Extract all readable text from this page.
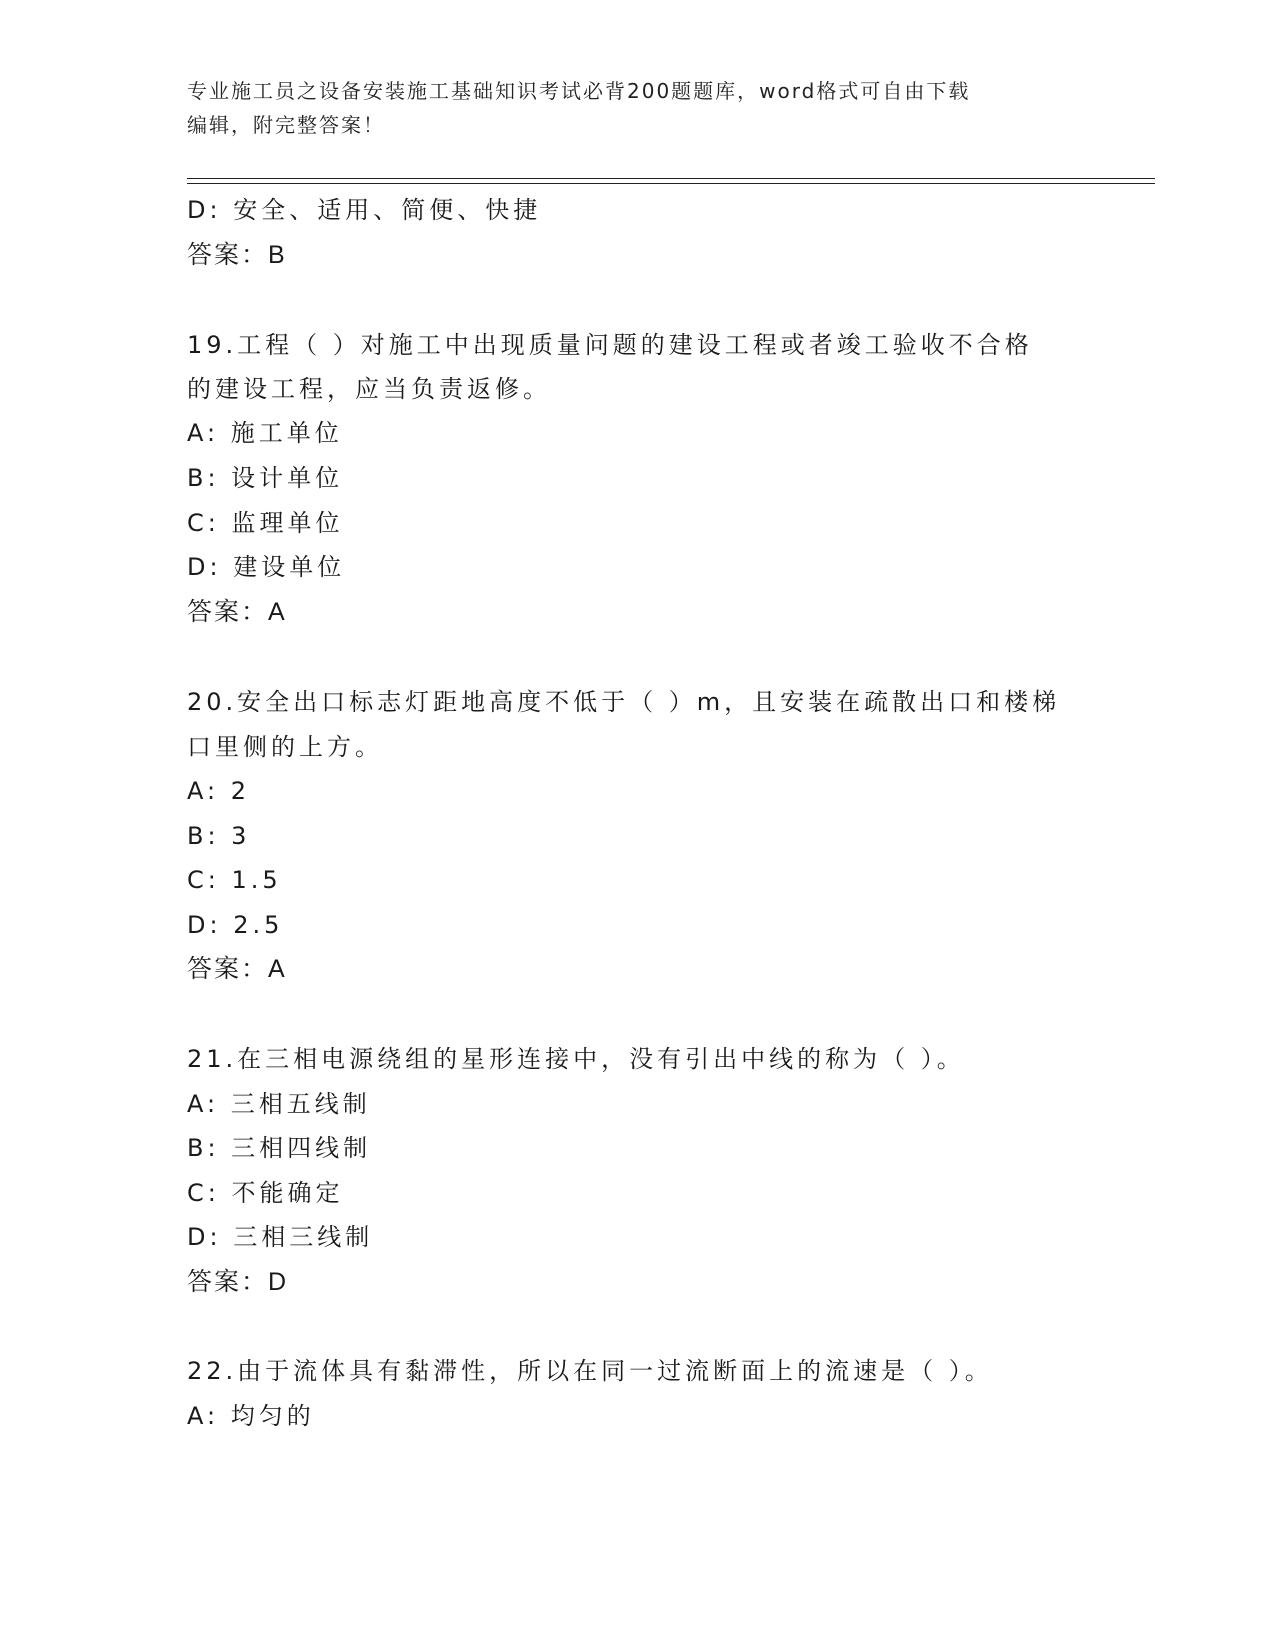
专业施工员之设备安装施工基础知识考试必背200题题库，word格式可自由下载
编辑，附完整答案！
D: 安全、适用、简便、快捷
答案：B
19.工程（ ）对施工中出现质量问题的建设工程或者竣工验收不合格
的建设工程，应当负责返修。
A: 施工单位
B: 设计单位
C: 监理单位
D: 建设单位
答案：A
20.安全出口标志灯距地高度不低于（ ）m，且安装在疏散出口和楼梯
口里侧的上方。
A: 2
B: 3
C: 1.5
D: 2.5
答案：A
21.在三相电源绕组的星形连接中，没有引出中线的称为（ ）。
A: 三相五线制
B: 三相四线制
C: 不能确定
D: 三相三线制
答案：D
22.由于流体具有黏滞性，所以在同一过流断面上的流速是（ ）。
A: 均匀的
